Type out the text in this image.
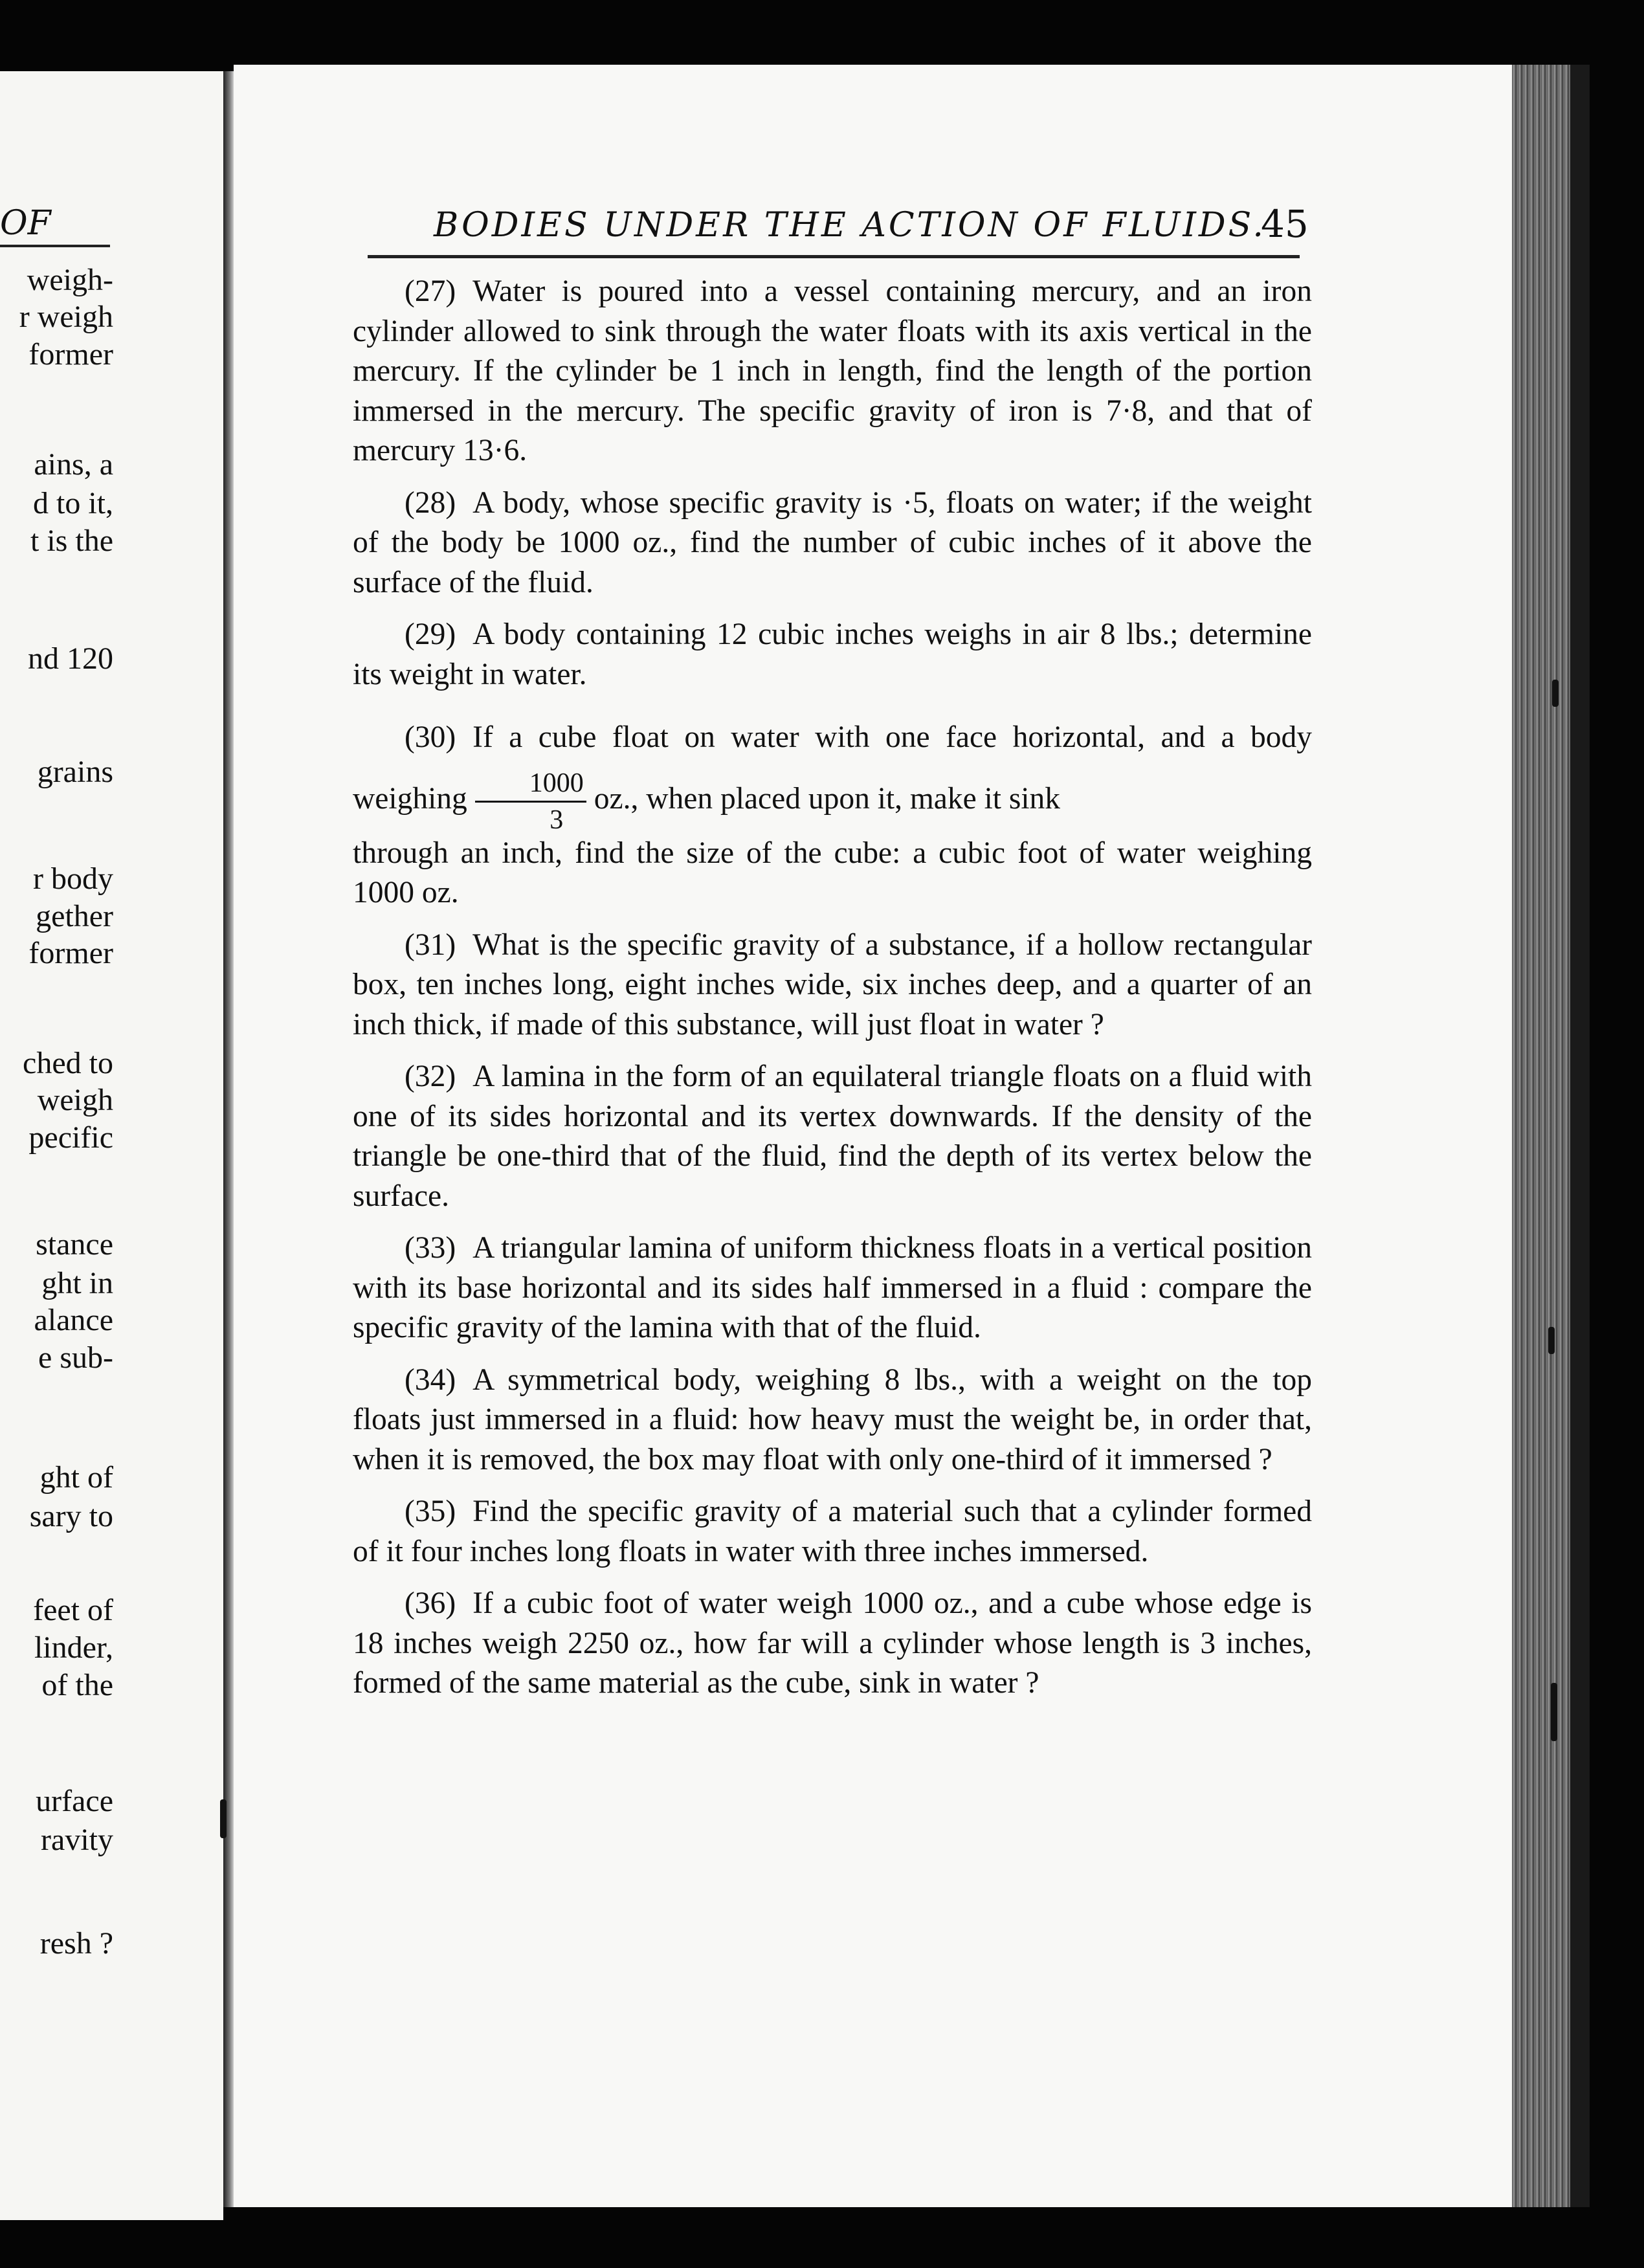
OF
weigh-
r weigh
former
ains, a
d to it,
t is the
nd 120
grains
r body
gether
former
ched to
weigh
pecific
stance
ght in
alance
e sub-
ght of
sary to
feet of
linder,
of the
urface
ravity
resh ?
BODIES UNDER THE ACTION OF FLUIDS.
45

(27) Water is poured into a vessel containing mercury, and an iron cylinder allowed to sink through the water floats with its axis vertical in the mercury. If the cylinder be 1 inch in length, find the length of the portion immersed in the mercury. The specific gravity of iron is 7·8, and that of mercury 13·6.

(28) A body, whose specific gravity is ·5, floats on water; if the weight of the body be 1000 oz., find the number of cubic inches of it above the surface of the fluid.

(29) A body containing 12 cubic inches weighs in air 8 lbs.; determine its weight in water.

(30) If a cube float on water with one face horizontal, and a body weighing $\frac{1000}{3}$ oz., when placed upon it, make it sink
through an inch, find the size of the cube: a cubic foot of water weighing 1000 oz.

(31) What is the specific gravity of a substance, if a hollow rectangular box, ten inches long, eight inches wide, six inches deep, and a quarter of an inch thick, if made of this substance, will just float in water ?

(32) A lamina in the form of an equilateral triangle floats on a fluid with one of its sides horizontal and its vertex downwards. If the density of the triangle be one-third that of the fluid, find the depth of its vertex below the surface.

(33) A triangular lamina of uniform thickness floats in a vertical position with its base horizontal and its sides half immersed in a fluid : compare the specific gravity of the lamina with that of the fluid.

(34) A symmetrical body, weighing 8 lbs., with a weight on the top floats just immersed in a fluid: how heavy must the weight be, in order that, when it is removed, the box may float with only one-third of it immersed ?

(35) Find the specific gravity of a material such that a cylinder formed of it four inches long floats in water with three inches immersed.

(36) If a cubic foot of water weigh 1000 oz., and a cube whose edge is 18 inches weigh 2250 oz., how far will a cylinder whose length is 3 inches, formed of the same material as the cube, sink in water ?
